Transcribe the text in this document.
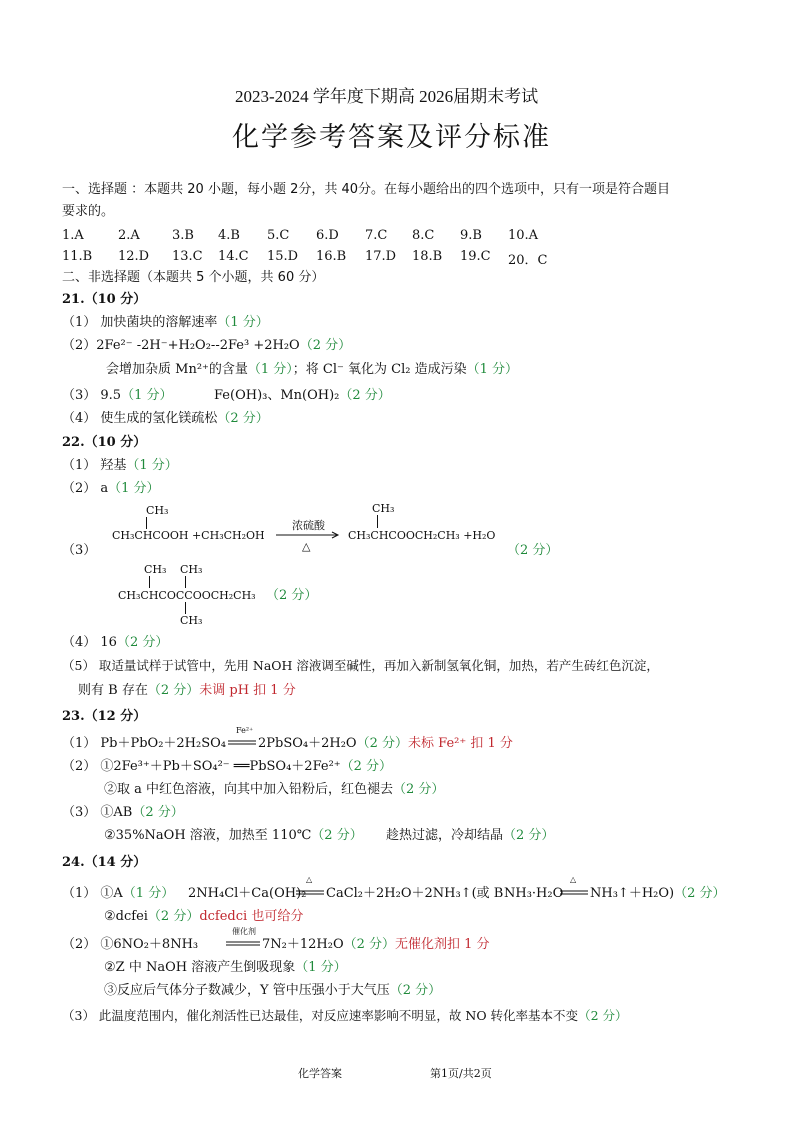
2023-2024 学年度下期高 2026届期末考试
化学参考答案及评分标准
一、选择题 ：本题共 20 小题，每小题 2分，共 40分。在每小题给出的四个选项中，只有一项是符合题目
要求的。
1.A	2.A 3.B 4.B 5.C 6.D 7.C 8.C 9.B 10.A
11.B 12.D 13.C 14.C 15.D 16.B 17.D 18.B 19.C 20．C
二、非选择题（本题共 5 个小题，共 60 分）
21.（10 分）
（1） 加快菌块的溶解速率（1 分）
（2）2Fe²⁻ -2H⁻+H₂O₂--2Fe³ +2H₂O（2 分）
会增加杂质 Mn²⁺的含量（1 分）；将 Cl⁻ 氧化为 Cl₂ 造成污染（1 分）
（3） 9.5（1 分）	Fe(OH)₃、Mn(OH)₂（2 分）
（4） 使生成的氢化镁疏松（2 分）
22.（10 分）
（1） 羟基（1 分）
（2） a（1 分）
CH₃
（3）
CH₃CHCOOH +CH₃CH₂OH
浓硫酸
△
CH₃
CH₃CHCOOCH₂CH₃ +H₂O
（2 分）
CH₃ CH₃
CH₃CHCOCCOOCH₂CH₃ （2 分）
CH₃
（4） 16（2 分）
（5） 取适量试样于试管中，先用 NaOH 溶液调至碱性，再加入新制氢氧化铜，加热，若产生砖红色沉淀，
则有 B 存在（2 分）未调 pH 扣 1 分
23.（12 分）
（1） Pb＋PbO₂＋2H₂SO₄
Fe²⁺
2PbSO₄＋2H₂O（2 分）未标 Fe²⁺ 扣 1 分
（2） ①2Fe³⁺＋Pb＋SO₄²⁻ ══PbSO₄＋2Fe²⁺（2 分）
②取 a 中红色溶液，向其中加入铅粉后，红色褪去（2 分）
（3） ①AB（2 分）
②35%NaOH 溶液，加热至 110℃（2 分） 趁热过滤，冷却结晶（2 分）
24.（14 分）
（1） ①A（1 分） 2NH₄Cl＋Ca(OH)₂
△
CaCl₂＋2H₂O＋2NH₃↑(或 B NH₃·H₂O
△
NH₃↑＋H₂O)（2 分）
②dcfei（2 分）dcfedci 也可给分
（2） ①6NO₂＋8NH₃
催化剂
7N₂＋12H₂O（2 分）无催化剂扣 1 分
②Z 中 NaOH 溶液产生倒吸现象（1 分）
③反应后气体分子数减少，Y 管中压强小于大气压（2 分）
（3） 此温度范围内，催化剂活性已达最佳，对反应速率影响不明显，故 NO 转化率基本不变（2 分）
化学答案	第1页/共2页
